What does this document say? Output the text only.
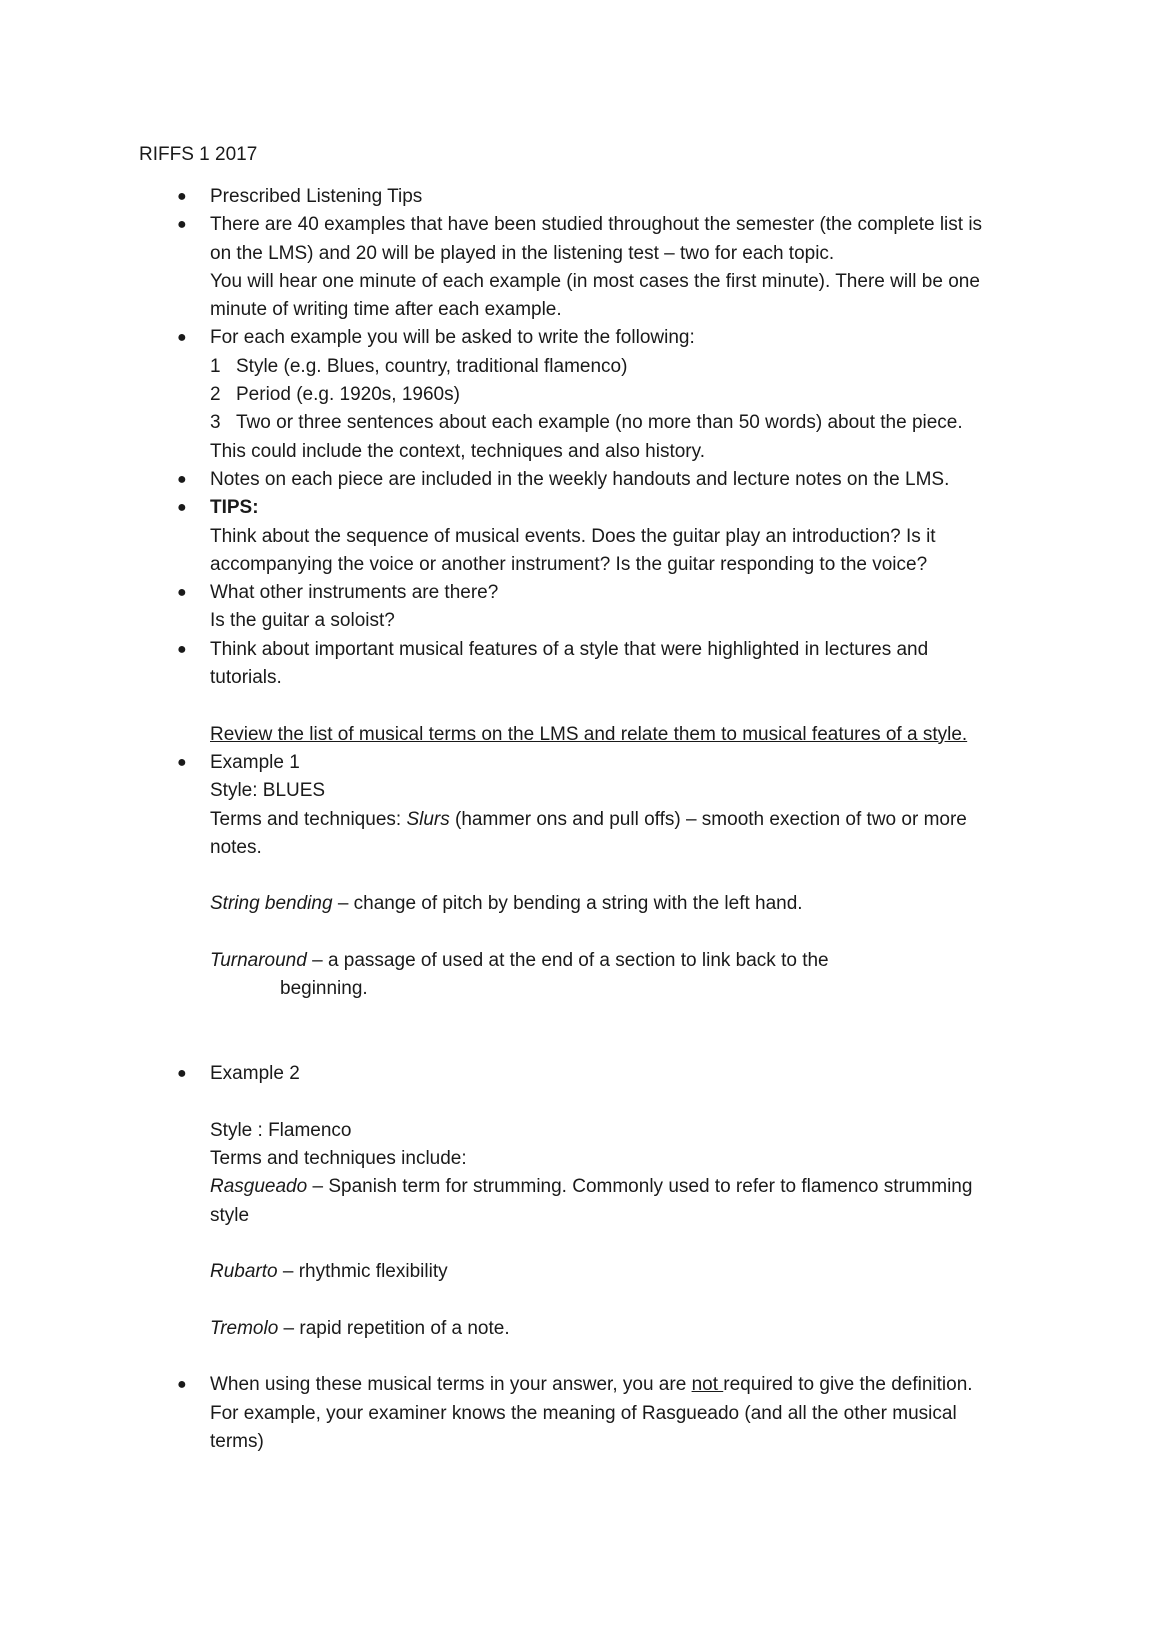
RIFFS 1 2017

● Prescribed Listening Tips
● There are 40 examples that have been studied throughout the semester (the complete list is
on the LMS) and 20 will be played in the listening test – two for each topic.
You will hear one minute of each example (in most cases the first minute). There will be one
minute of writing time after each example.
● For each example you will be asked to write the following:
1 Style (e.g. Blues, country, traditional flamenco)
2 Period (e.g. 1920s, 1960s)
3 Two or three sentences about each example (no more than 50 words) about the piece.
This could include the context, techniques and also history.
● Notes on each piece are included in the weekly handouts and lecture notes on the LMS.
● TIPS:
Think about the sequence of musical events. Does the guitar play an introduction? Is it
accompanying the voice or another instrument? Is the guitar responding to the voice?
● What other instruments are there?
Is the guitar a soloist?
● Think about important musical features of a style that were highlighted in lectures and
tutorials.
Review the list of musical terms on the LMS and relate them to musical features of a style.
● Example 1
Style: BLUES
Terms and techniques: Slurs (hammer ons and pull offs) – smooth exection of two or more
notes.
String bending – change of pitch by bending a string with the left hand.
Turnaround – a passage of used at the end of a section to link back to the
beginning.
● Example 2
Style : Flamenco
Terms and techniques include:
Rasgueado – Spanish term for strumming. Commonly used to refer to flamenco strumming
style
Rubarto – rhythmic flexibility
Tremolo – rapid repetition of a note.
● When using these musical terms in your answer, you are not required to give the definition.
For example, your examiner knows the meaning of Rasgueado (and all the other musical
terms)
